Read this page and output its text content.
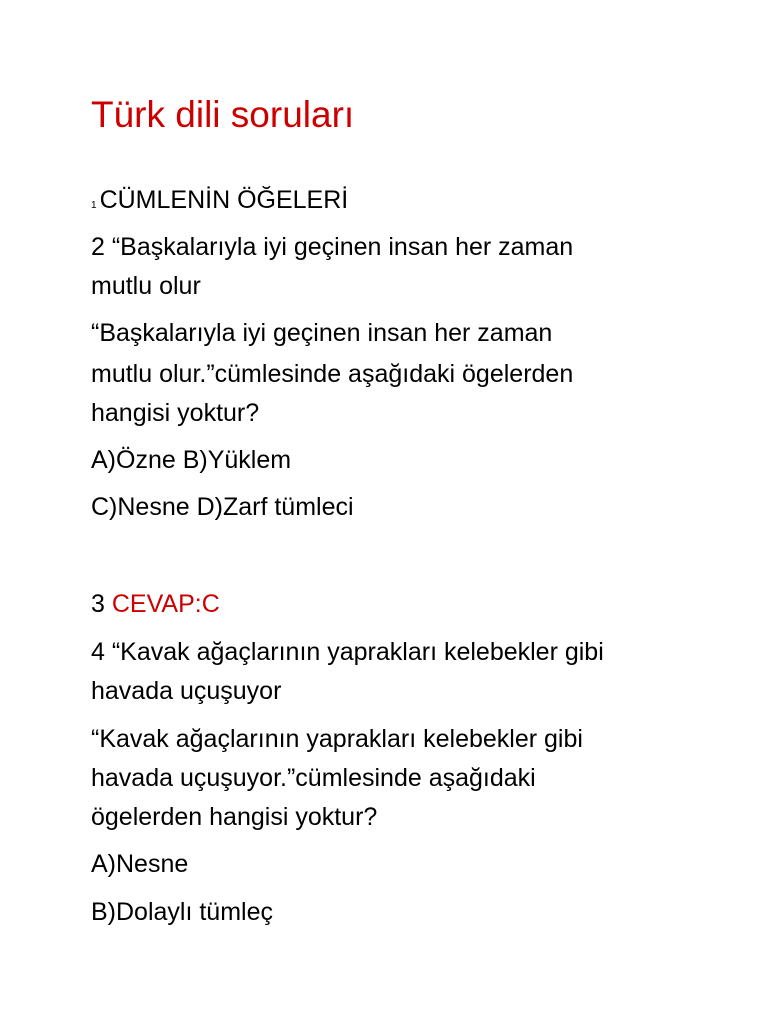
Türk dili soruları
1 CÜMLENİN ÖĞELERİ
2 “Başkalarıyla iyi geçinen insan her zaman
mutlu olur
“Başkalarıyla iyi geçinen insan her zaman
mutlu olur.”cümlesinde aşağıdaki ögelerden
hangisi yoktur?
A)Özne B)Yüklem
C)Nesne D)Zarf tümleci
3 CEVAP:C
4 “Kavak ağaçlarının yaprakları kelebekler gibi
havada uçuşuyor
“Kavak ağaçlarının yaprakları kelebekler gibi
havada uçuşuyor.”cümlesinde aşağıdaki
ögelerden hangisi yoktur?
A)Nesne
B)Dolaylı tümleç
